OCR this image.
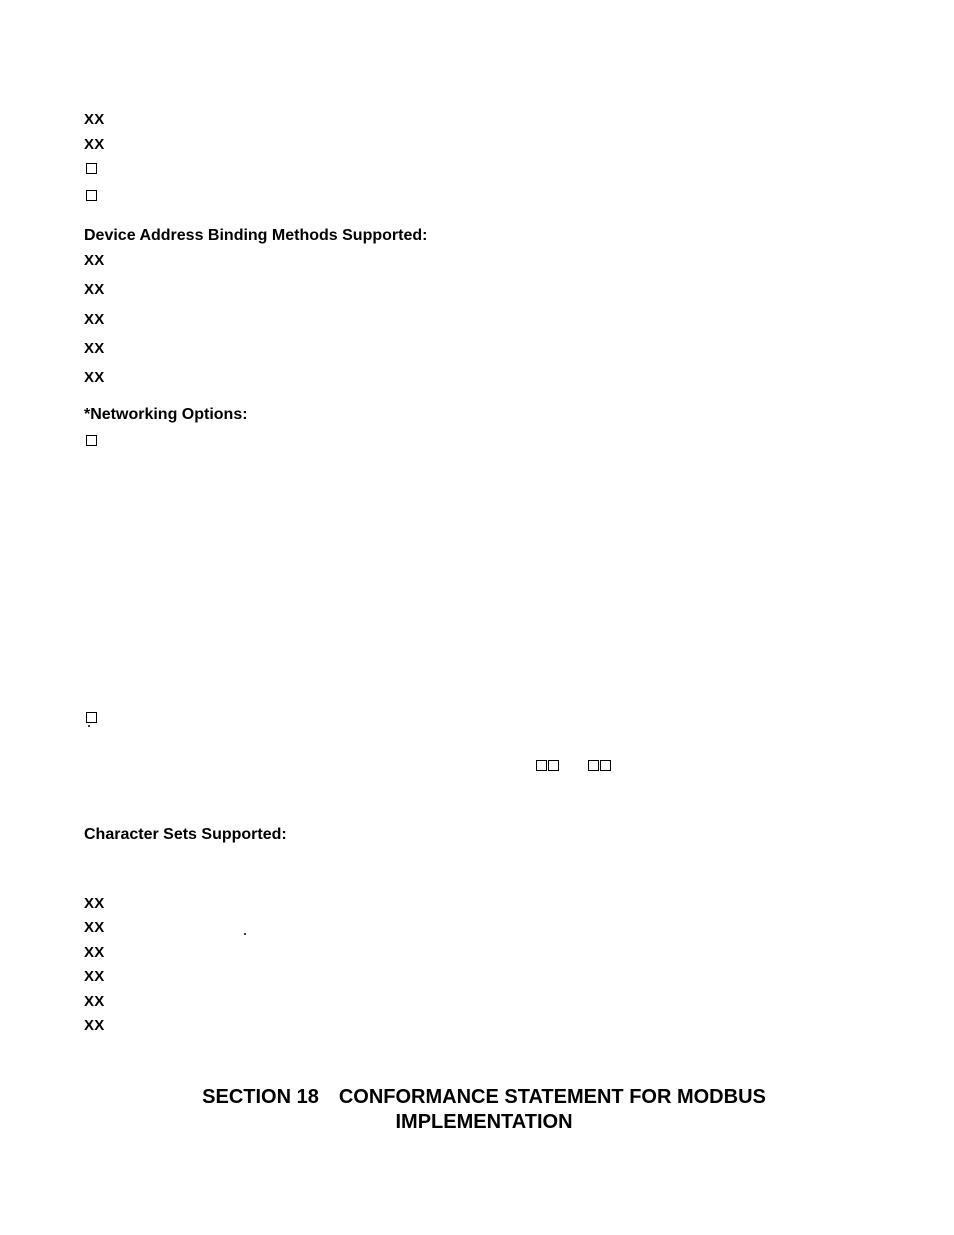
XX
XX
Device Address Binding Methods Supported:
XX
XX
XX
XX
XX
*Networking Options:
Character Sets Supported:
XX
XX
XX
XX
XX
XX
SECTION 18 CONFORMANCE STATEMENT FOR MODBUS
IMPLEMENTATION
